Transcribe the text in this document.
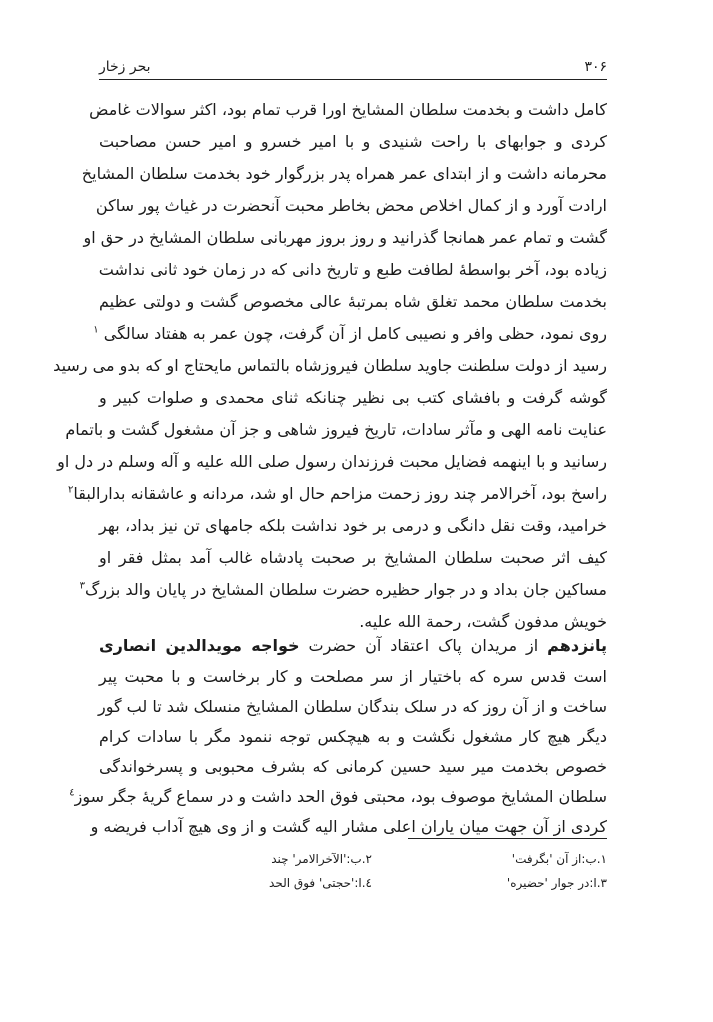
بحر زخار	۳۰۶
کامل داشت و بخدمت سلطان المشایخ اورا قرب تمام بود، اکثر سوالات غامض
کردی و جوابهای با راحت شنیدی و با امیر خسرو و امیر حسن مصاحبت
محرمانه داشت و از ابتدای عمر همراه پدر بزرگوار خود بخدمت سلطان المشایخ
ارادت آورد و از کمال اخلاص محض بخاطر محبت آنحضرت در غیاث پور ساکن
گشت و تمام عمر همانجا گذرانید و روز بروز مهربانی سلطان المشایخ در حق او
زیاده بود، آخر بواسطهٔ لطافت طبع و تاریخ دانی که در زمان خود ثانی نداشت
بخدمت سلطان محمد تغلق شاه بمرتبهٔ عالی مخصوص گشت و دولتی عظیم
روی نمود، حظی وافر و نصیبی کامل از آن گرفت، چون عمر به هفتاد سالگی $^۱$
رسید از دولت سلطنت جاوید سلطان فیروزشاه بالتماس مایحتاج او که بدو می رسید
گوشه گرفت و بافشای کتب بی نظیر چنانکه ثنای محمدی و صلوات کبیر و
عنایت نامه الهی و مآثر سادات، تاریخ فیروز شاهی و جز آن مشغول گشت و باتمام
رسانید و با اینهمه فضایل محبت فرزندان رسول صلی الله علیه و آله وسلم در دل او
راسخ بود، آخرالامر چند روز زحمت مزاحم حال او شد، مردانه و عاشقانه بدارالبقا$^۲$
خرامید، وقت نقل دانگی و درمی بر خود نداشت بلکه جامهای تن نیز بداد، بهر
کیف اثر صحبت سلطان المشایخ بر صحبت پادشاه غالب آمد بمثل فقر او
مساکین جان بداد و در جوار حظیره حضرت سلطان المشایخ در پایان والد بزرگ$^۳$
خویش مدفون گشت، رحمة الله علیه.
پانزدهم از مریدان پاک اعتقاد آن حضرت خواجه مویدالدین انصاری
است قدس سره که باختیار از سر مصلحت و کار برخاست و با محبت پیر
ساخت و از آن روز که در سلک بندگان سلطان المشایخ منسلک شد تا لب گور
دیگر هیچ کار مشغول نگشت و به هیچکس توجه ننمود مگر با سادات کرام
خصوص بخدمت میر سید حسین کرمانی که بشرف محبوبی و پسرخواندگی
سلطان المشایخ موصوف بود، محبتی فوق الحد داشت و در سماع گریهٔ جگر سوز$^٤$
کردی از آن جهت میان یاران اعلی مشار الیه گشت و از وی هیچ آداب فریضه و
۱.ب:از آن 'بگرفت'
۲.ب:'الآخرالامر' چند
۳.ا:در جوار 'حضیره'
٤.ا:'حجتی' فوق الحد
